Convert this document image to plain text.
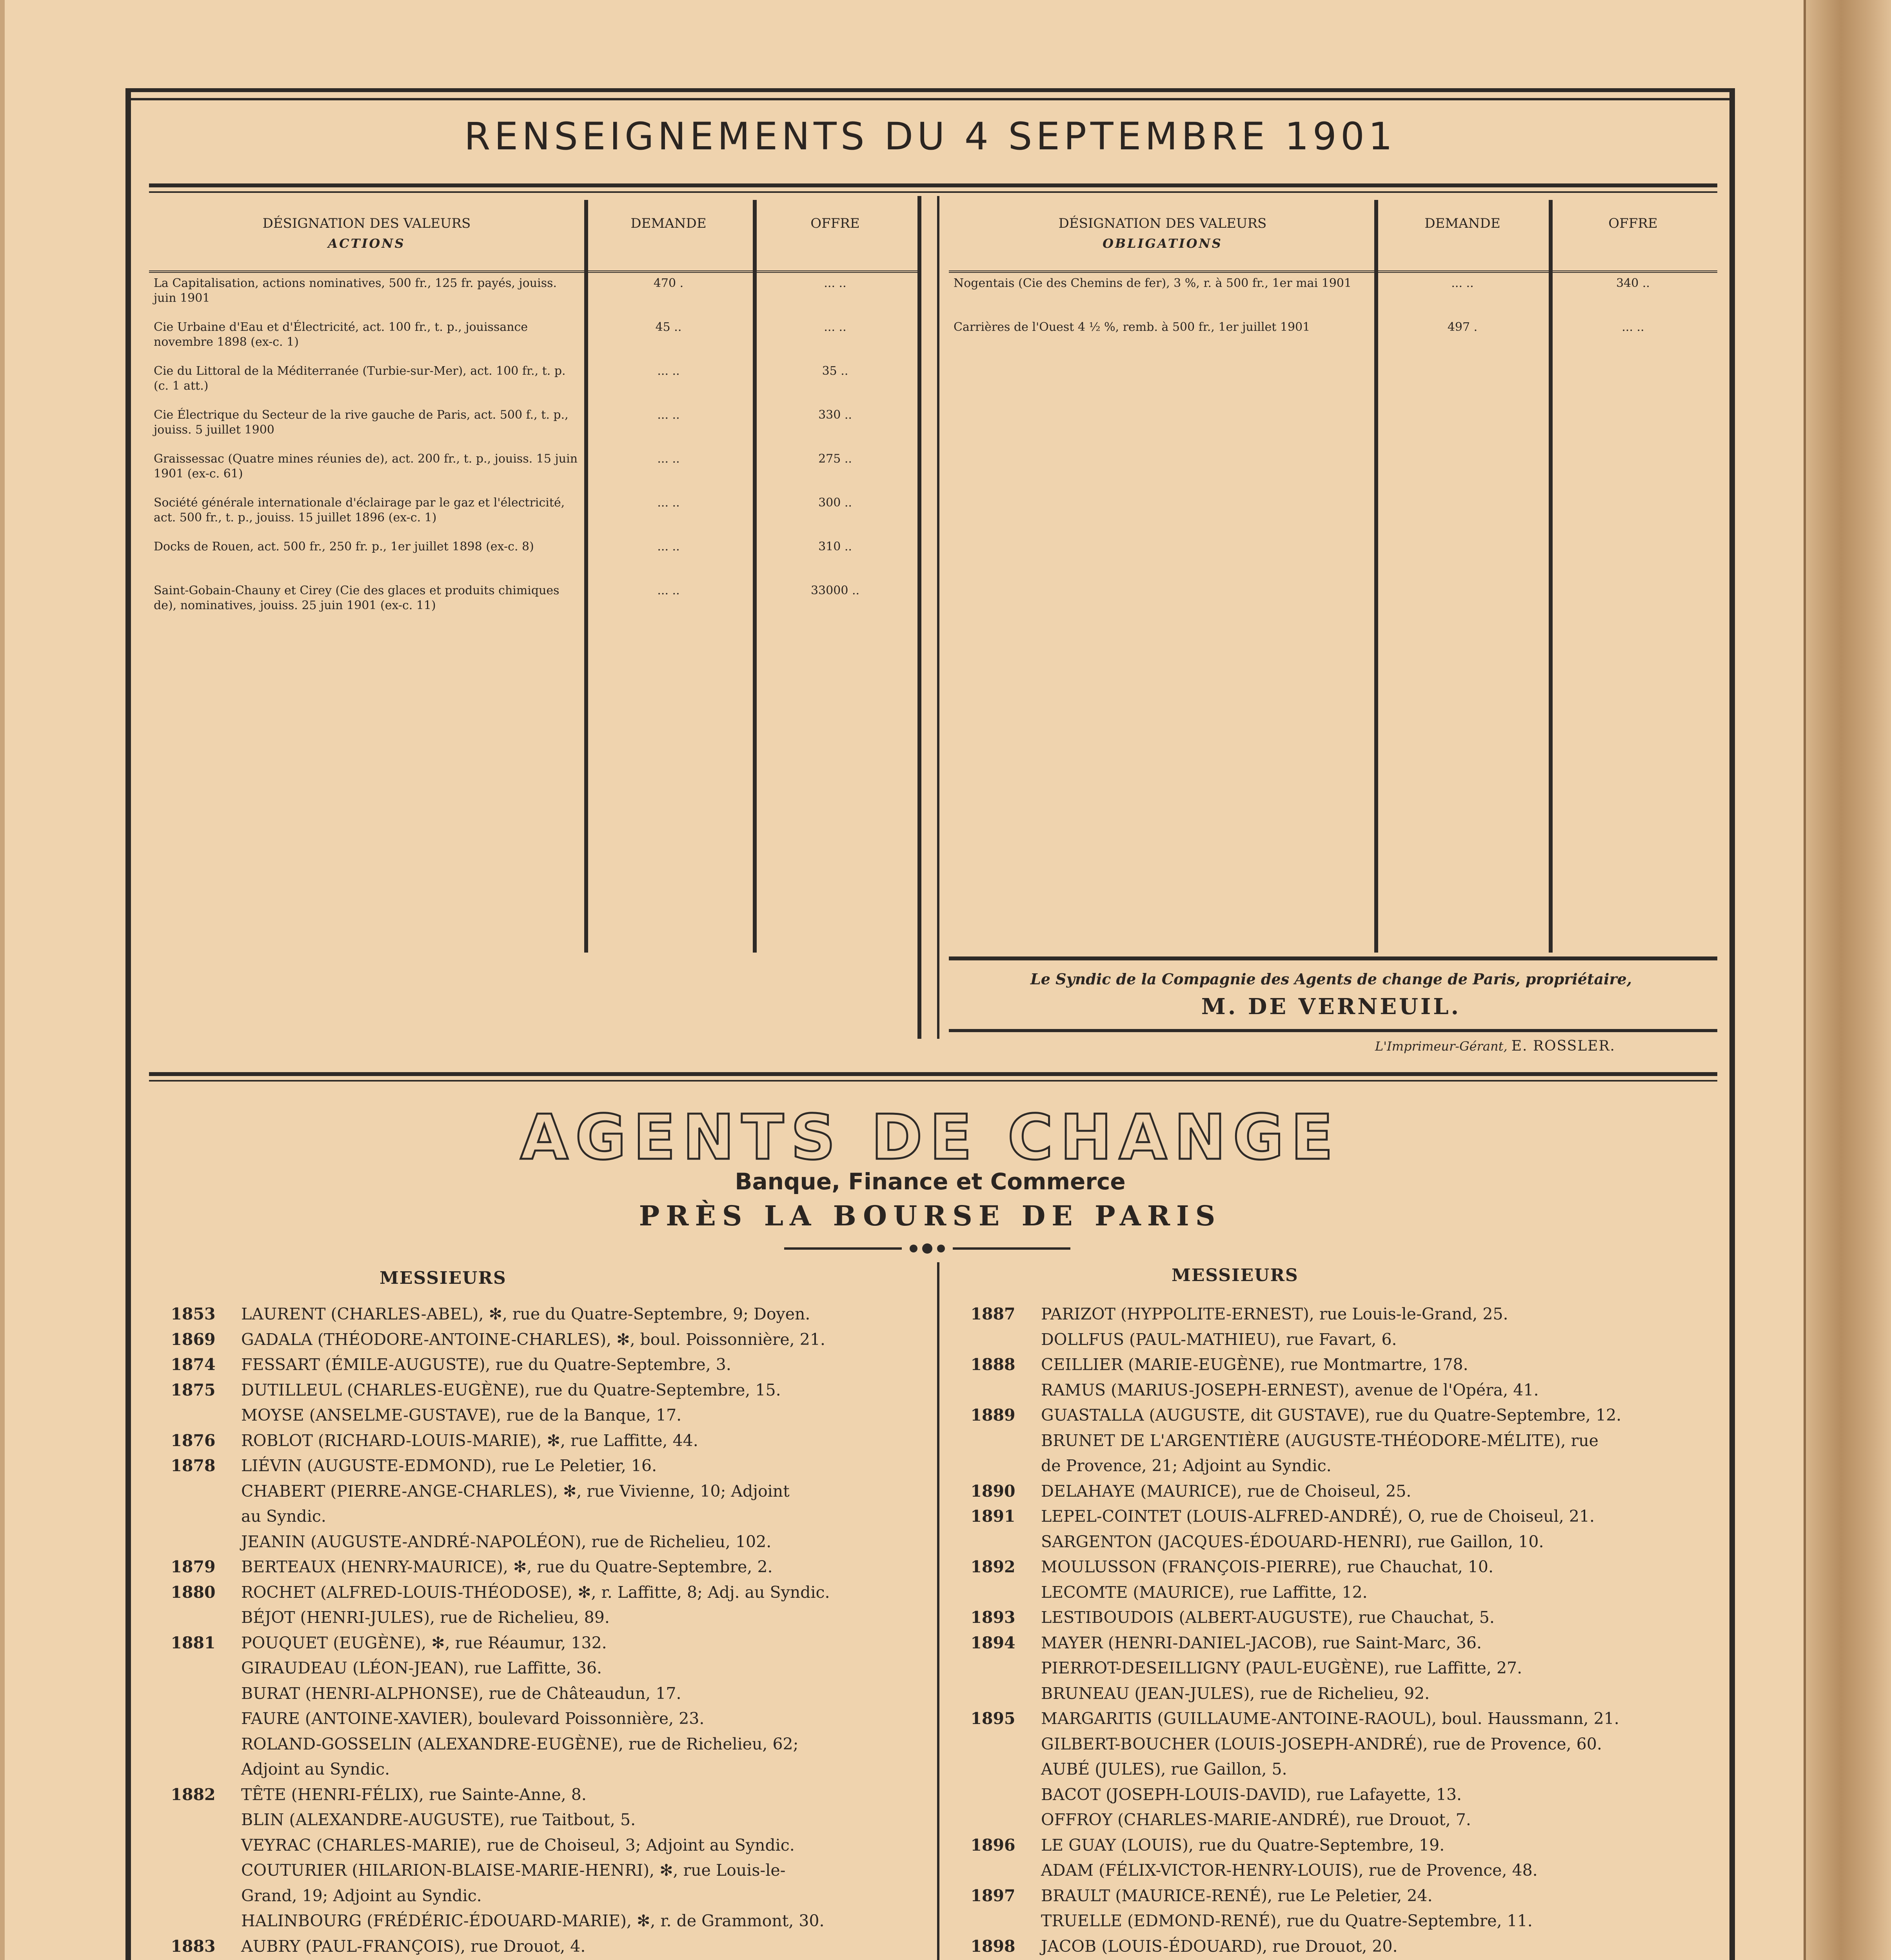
RENSEIGNEMENTS DU 4 SEPTEMBRE 1901
DÉSIGNATION DES VALEURS
ACTIONS	DEMANDE	OFFRE
La Capitalisation, actions nominatives, 500 fr., 125 fr. payés, jouiss. juin 1901	470 .	... ..
Cie Urbaine d'Eau et d'Électricité, act. 100 fr., t. p., jouissance novembre 1898 (ex-c. 1)	45 ..	... ..
Cie du Littoral de la Méditerranée (Turbie-sur-Mer), act. 100 fr., t. p. (c. 1 att.)	... ..	35 ..
Cie Électrique du Secteur de la rive gauche de Paris, act. 500 f., t. p., jouiss. 5 juillet 1900	... ..	330 ..
Graissessac (Quatre mines réunies de), act. 200 fr., t. p., jouiss. 15 juin 1901 (ex-c. 61)	... ..	275 ..
Société générale internationale d'éclairage par le gaz et l'électricité, act. 500 fr., t. p., jouiss. 15 juillet 1896 (ex-c. 1)	... ..	300 ..
Docks de Rouen, act. 500 fr., 250 fr. p., 1er juillet 1898 (ex-c. 8)	... ..	310 ..
Saint-Gobain-Chauny et Cirey (Cie des glaces et produits chimiques de), nominatives, jouiss. 25 juin 1901 (ex-c. 11)	... ..	33000 ..
DÉSIGNATION DES VALEURS
OBLIGATIONS	DEMANDE	OFFRE
Nogentais (Cie des Chemins de fer), 3 %, r. à 500 fr., 1er mai 1901	... ..	340 ..
Carrières de l'Ouest 4 ½ %, remb. à 500 fr., 1er juillet 1901	497 .	... ..
Le Syndic de la Compagnie des Agents de change de Paris, propriétaire,
M. DE VERNEUIL.
L'Imprimeur-Gérant, E. ROSSLER.
AGENTS DE CHANGE
Banque, Finance et Commerce
PRÈS LA BOURSE DE PARIS
MESSIEURS	MESSIEURS
1853	LAURENT (CHARLES-ABEL), ✻, rue du Quatre-Septembre, 9; Doyen.
1869	GADALA (THÉODORE-ANTOINE-CHARLES), ✻, boul. Poissonnière, 21.
1874	FESSART (ÉMILE-AUGUSTE), rue du Quatre-Septembre, 3.
1875	DUTILLEUL (CHARLES-EUGÈNE), rue du Quatre-Septembre, 15.
MOYSE (ANSELME-GUSTAVE), rue de la Banque, 17.
1876	ROBLOT (RICHARD-LOUIS-MARIE), ✻, rue Laffitte, 44.
1878	LIÉVIN (AUGUSTE-EDMOND), rue Le Peletier, 16.
CHABERT (PIERRE-ANGE-CHARLES), ✻, rue Vivienne, 10; Adjoint
au Syndic.
JEANIN (AUGUSTE-ANDRÉ-NAPOLÉON), rue de Richelieu, 102.
1879	BERTEAUX (HENRY-MAURICE), ✻, rue du Quatre-Septembre, 2.
1880	ROCHET (ALFRED-LOUIS-THÉODOSE), ✻, r. Laffitte, 8; Adj. au Syndic.
BÉJOT (HENRI-JULES), rue de Richelieu, 89.
1881	POUQUET (EUGÈNE), ✻, rue Réaumur, 132.
GIRAUDEAU (LÉON-JEAN), rue Laffitte, 36.
BURAT (HENRI-ALPHONSE), rue de Châteaudun, 17.
FAURE (ANTOINE-XAVIER), boulevard Poissonnière, 23.
ROLAND-GOSSELIN (ALEXANDRE-EUGÈNE), rue de Richelieu, 62;
Adjoint au Syndic.
1882	TÊTE (HENRI-FÉLIX), rue Sainte-Anne, 8.
BLIN (ALEXANDRE-AUGUSTE), rue Taitbout, 5.
VEYRAC (CHARLES-MARIE), rue de Choiseul, 3; Adjoint au Syndic.
COUTURIER (HILARION-BLAISE-MARIE-HENRI), ✻, rue Louis-le-
Grand, 19; Adjoint au Syndic.
HALINBOURG (FRÉDÉRIC-ÉDOUARD-MARIE), ✻, r. de Grammont, 30.
1883	AUBRY (PAUL-FRANÇOIS), rue Drouot, 4.
1887	PARIZOT (HYPPOLITE-ERNEST), rue Louis-le-Grand, 25.
DOLLFUS (PAUL-MATHIEU), rue Favart, 6.
1888	CEILLIER (MARIE-EUGÈNE), rue Montmartre, 178.
RAMUS (MARIUS-JOSEPH-ERNEST), avenue de l'Opéra, 41.
1889	GUASTALLA (AUGUSTE, dit GUSTAVE), rue du Quatre-Septembre, 12.
BRUNET DE L'ARGENTIÈRE (AUGUSTE-THÉODORE-MÉLITE), rue
de Provence, 21; Adjoint au Syndic.
1890	DELAHAYE (MAURICE), rue de Choiseul, 25.
1891	LEPEL-COINTET (LOUIS-ALFRED-ANDRÉ), O, rue de Choiseul, 21.
SARGENTON (JACQUES-ÉDOUARD-HENRI), rue Gaillon, 10.
1892	MOULUSSON (FRANÇOIS-PIERRE), rue Chauchat, 10.
LECOMTE (MAURICE), rue Laffitte, 12.
1893	LESTIBOUDOIS (ALBERT-AUGUSTE), rue Chauchat, 5.
1894	MAYER (HENRI-DANIEL-JACOB), rue Saint-Marc, 36.
PIERROT-DESEILLIGNY (PAUL-EUGÈNE), rue Laffitte, 27.
BRUNEAU (JEAN-JULES), rue de Richelieu, 92.
1895	MARGARITIS (GUILLAUME-ANTOINE-RAOUL), boul. Haussmann, 21.
GILBERT-BOUCHER (LOUIS-JOSEPH-ANDRÉ), rue de Provence, 60.
AUBÉ (JULES), rue Gaillon, 5.
BACOT (JOSEPH-LOUIS-DAVID), rue Lafayette, 13.
OFFROY (CHARLES-MARIE-ANDRÉ), rue Drouot, 7.
1896	LE GUAY (LOUIS), rue du Quatre-Septembre, 19.
ADAM (FÉLIX-VICTOR-HENRY-LOUIS), rue de Provence, 48.
1897	BRAULT (MAURICE-RENÉ), rue Le Peletier, 24.
TRUELLE (EDMOND-RENÉ), rue du Quatre-Septembre, 11.
1898	JACOB (LOUIS-ÉDOUARD), rue Drouot, 20.
